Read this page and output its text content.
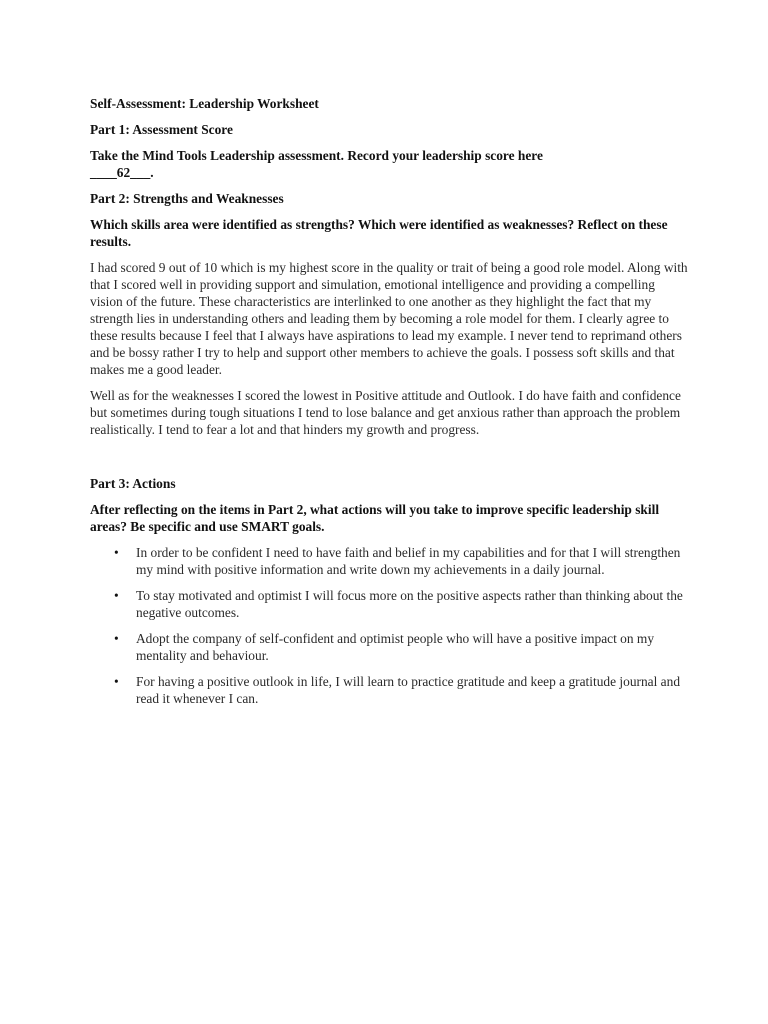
Self-Assessment: Leadership Worksheet

Part 1: Assessment Score

Take the Mind Tools Leadership assessment. Record your leadership score here
____62___.

Part 2: Strengths and Weaknesses

Which skills area were identified as strengths? Which were identified as weaknesses? Reflect on these results.

I had scored 9 out of 10 which is my highest score in the quality or trait of being a good role model. Along with that I scored well in providing support and simulation, emotional intelligence and providing a compelling vision of the future. These characteristics are interlinked to one another as they highlight the fact that my strength lies in understanding others and leading them by becoming a role model for them. I clearly agree to these results because I feel that I always have aspirations to lead my example. I never tend to reprimand others and be bossy rather I try to help and support other members to achieve the goals. I possess soft skills and that makes me a good leader.

Well as for the weaknesses I scored the lowest in Positive attitude and Outlook. I do have faith and confidence but sometimes during tough situations I tend to lose balance and get anxious rather than approach the problem realistically. I tend to fear a lot and that hinders my growth and progress.

Part 3: Actions

After reflecting on the items in Part 2, what actions will you take to improve specific leadership skill areas? Be specific and use SMART goals.

• In order to be confident I need to have faith and belief in my capabilities and for that I will strengthen my mind with positive information and write down my achievements in a daily journal.
• To stay motivated and optimist I will focus more on the positive aspects rather than thinking about the negative outcomes.
• Adopt the company of self-confident and optimist people who will have a positive impact on my mentality and behaviour.
• For having a positive outlook in life, I will learn to practice gratitude and keep a gratitude journal and read it whenever I can.
